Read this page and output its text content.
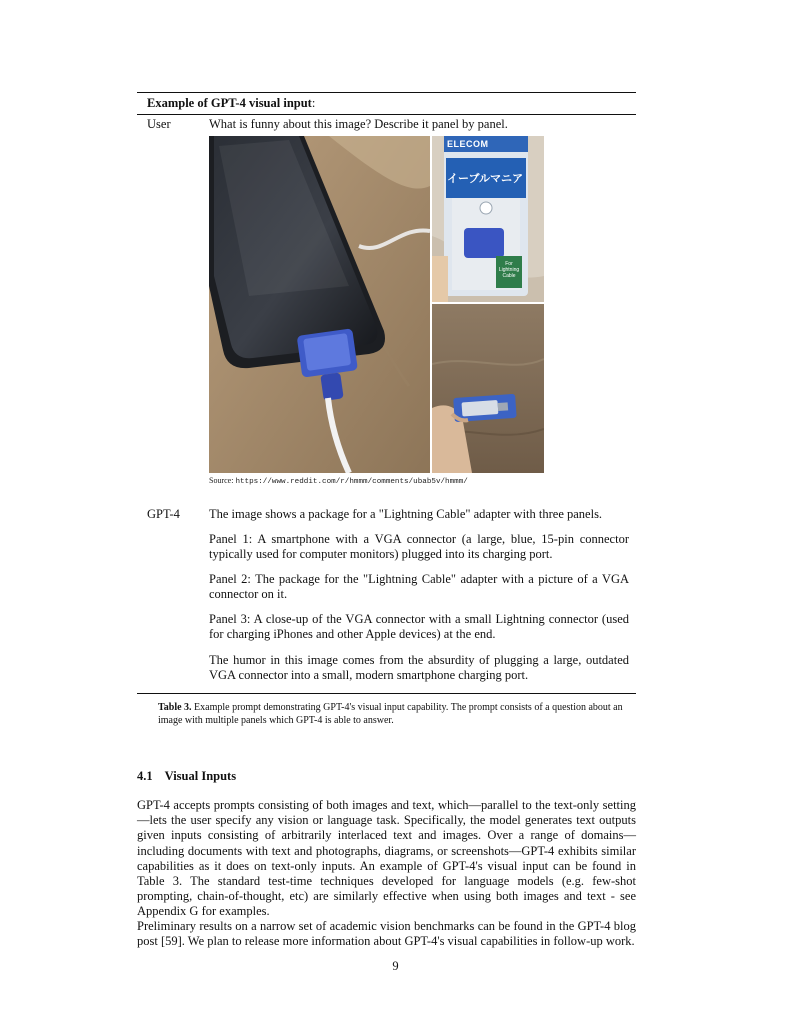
Example of GPT-4 visual input:
User	What is funny about this image? Describe it panel by panel.
ELECOM
イーブルマニア
For Lightning Cable
Source: https://www.reddit.com/r/hmmm/comments/ubab5v/hmmm/
GPT-4 The image shows a package for a "Lightning Cable" adapter with three panels.
Panel 1: A smartphone with a VGA connector (a large, blue, 15-pin connector typically used for computer monitors) plugged into its charging port.
Panel 2: The package for the "Lightning Cable" adapter with a picture of a VGA connector on it.
Panel 3: A close-up of the VGA connector with a small Lightning connector (used for charging iPhones and other Apple devices) at the end.
The humor in this image comes from the absurdity of plugging a large, outdated VGA connector into a small, modern smartphone charging port.
Table 3. Example prompt demonstrating GPT-4's visual input capability. The prompt consists of a question about an image with multiple panels which GPT-4 is able to answer.
4.1 Visual Inputs
GPT-4 accepts prompts consisting of both images and text, which—parallel to the text-only setting—lets the user specify any vision or language task. Specifically, the model generates text outputs given inputs consisting of arbitrarily interlaced text and images. Over a range of domains—including documents with text and photographs, diagrams, or screenshots—GPT-4 exhibits similar capabilities as it does on text-only inputs. An example of GPT-4's visual input can be found in Table 3. The standard test-time techniques developed for language models (e.g. few-shot prompting, chain-of-thought, etc) are similarly effective when using both images and text - see Appendix G for examples.
Preliminary results on a narrow set of academic vision benchmarks can be found in the GPT-4 blog post [59]. We plan to release more information about GPT-4's visual capabilities in follow-up work.
9
